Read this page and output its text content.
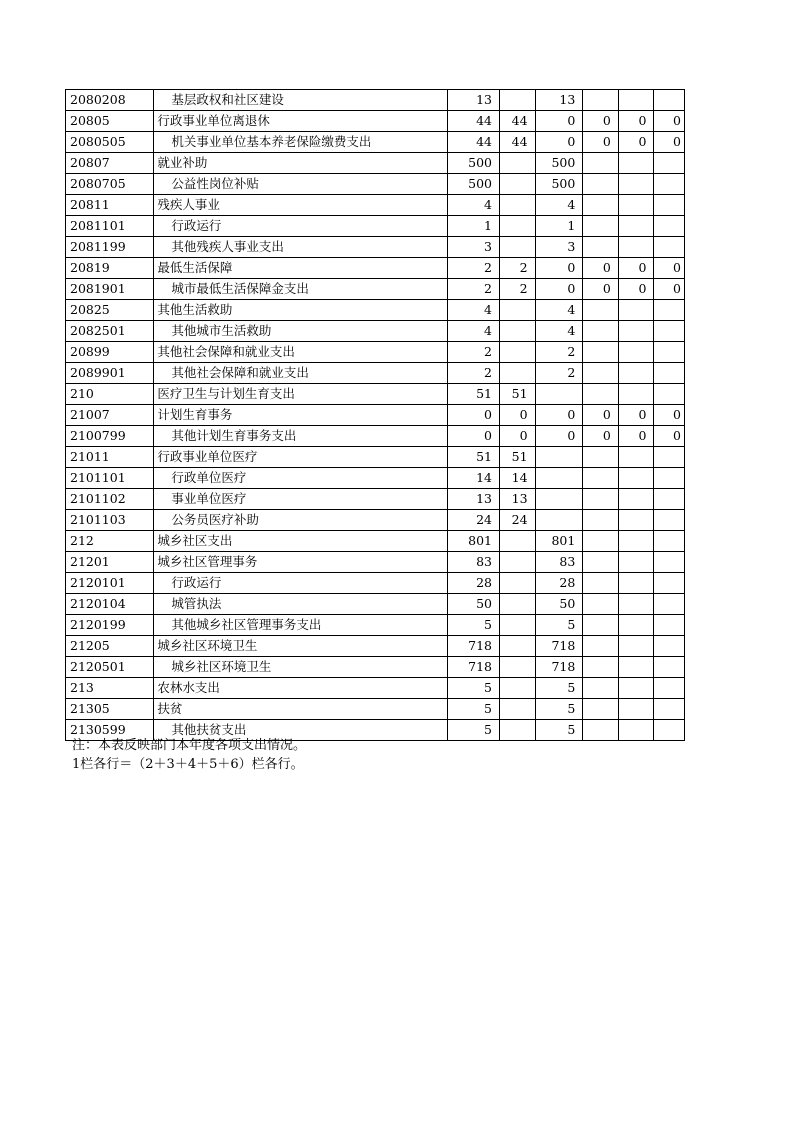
2080208	基层政权和社区建设	13		13			
20805	行政事业单位离退休	44	44	0	0	0	0
2080505	机关事业单位基本养老保险缴费支出	44	44	0	0	0	0
20807	就业补助	500		500			
2080705	公益性岗位补贴	500		500			
20811	残疾人事业	4		4			
2081101	行政运行	1		1			
2081199	其他残疾人事业支出	3		3			
20819	最低生活保障	2	2	0	0	0	0
2081901	城市最低生活保障金支出	2	2	0	0	0	0
20825	其他生活救助	4		4			
2082501	其他城市生活救助	4		4			
20899	其他社会保障和就业支出	2		2			
2089901	其他社会保障和就业支出	2		2			
210	医疗卫生与计划生育支出	51	51				
21007	计划生育事务	0	0	0	0	0	0
2100799	其他计划生育事务支出	0	0	0	0	0	0
21011	行政事业单位医疗	51	51				
2101101	行政单位医疗	14	14				
2101102	事业单位医疗	13	13				
2101103	公务员医疗补助	24	24				
212	城乡社区支出	801		801			
21201	城乡社区管理事务	83		83			
2120101	行政运行	28		28			
2120104	城管执法	50		50			
2120199	其他城乡社区管理事务支出	5		5			
21205	城乡社区环境卫生	718		718			
2120501	城乡社区环境卫生	718		718			
213	农林水支出	5		5			
21305	扶贫	5		5			
2130599	其他扶贫支出	5		5			

注：本表反映部门本年度各项支出情况。

1栏各行＝（2＋3＋4＋5＋6）栏各行。
